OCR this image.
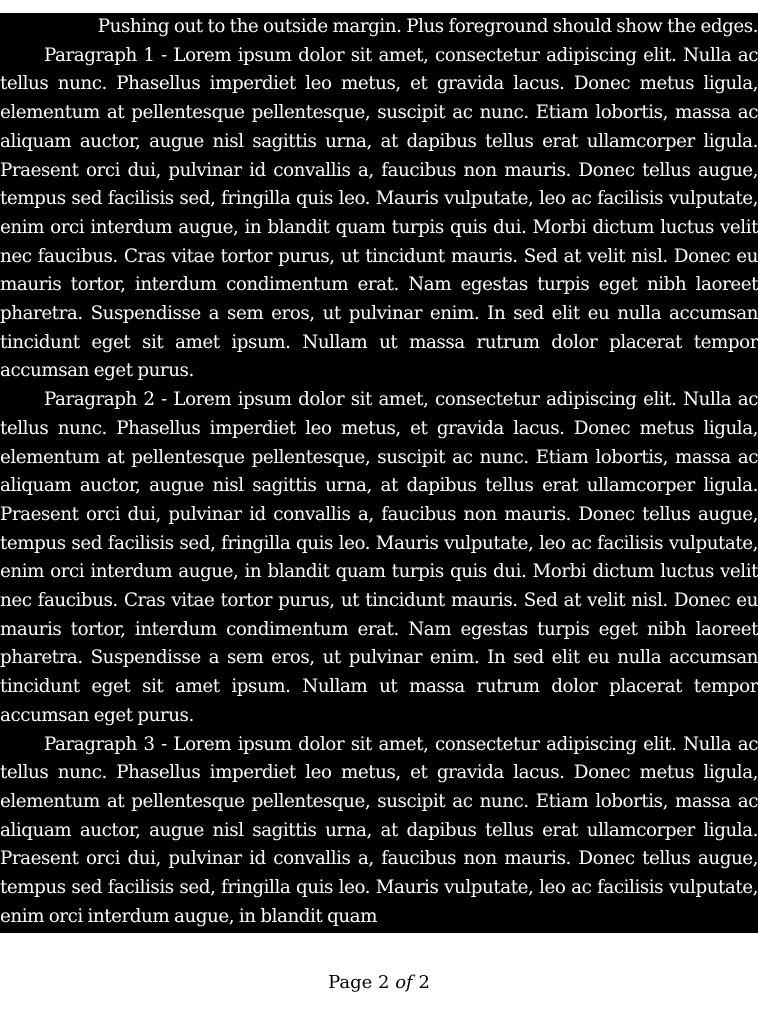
Pushing out to the outside margin. Plus foreground should show the edges.

Paragraph 1 - Lorem ipsum dolor sit amet, consectetur adipiscing elit. Nulla ac tellus nunc. Phasellus imperdiet leo metus, et gravida lacus. Donec metus ligula, elementum at pellentesque pellentesque, suscipit ac nunc. Etiam lobortis, massa ac aliquam auctor, augue nisl sagittis urna, at dapibus tellus erat ullamcorper ligula. Praesent orci dui, pulvinar id convallis a, faucibus non mauris. Donec tellus augue, tempus sed facilisis sed, fringilla quis leo. Mauris vulputate, leo ac facilisis vulputate, enim orci interdum augue, in blandit quam turpis quis dui. Morbi dictum luctus velit nec faucibus. Cras vitae tortor purus, ut tincidunt mauris. Sed at velit nisl. Donec eu mauris tortor, interdum condimentum erat. Nam egestas turpis eget nibh laoreet pharetra. Suspendisse a sem eros, ut pulvinar enim. In sed elit eu nulla accumsan tincidunt eget sit amet ipsum. Nullam ut massa rutrum dolor placerat tempor accumsan eget purus.

Paragraph 2 - Lorem ipsum dolor sit amet, consectetur adipiscing elit. Nulla ac tellus nunc. Phasellus imperdiet leo metus, et gravida lacus. Donec metus ligula, elementum at pellentesque pellentesque, suscipit ac nunc. Etiam lobortis, massa ac aliquam auctor, augue nisl sagittis urna, at dapibus tellus erat ullamcorper ligula. Praesent orci dui, pulvinar id convallis a, faucibus non mauris. Donec tellus augue, tempus sed facilisis sed, fringilla quis leo. Mauris vulputate, leo ac facilisis vulputate, enim orci interdum augue, in blandit quam turpis quis dui. Morbi dictum luctus velit nec faucibus. Cras vitae tortor purus, ut tincidunt mauris. Sed at velit nisl. Donec eu mauris tortor, interdum condimentum erat. Nam egestas turpis eget nibh laoreet pharetra. Suspendisse a sem eros, ut pulvinar enim. In sed elit eu nulla accumsan tincidunt eget sit amet ipsum. Nullam ut massa rutrum dolor placerat tempor accumsan eget purus.

Paragraph 3 - Lorem ipsum dolor sit amet, consectetur adipiscing elit. Nulla ac tellus nunc. Phasellus imperdiet leo metus, et gravida lacus. Donec metus ligula, elementum at pellentesque pellentesque, suscipit ac nunc. Etiam lobortis, massa ac aliquam auctor, augue nisl sagittis urna, at dapibus tellus erat ullamcorper ligula. Praesent orci dui, pulvinar id convallis a, faucibus non mauris. Donec tellus augue, tempus sed facilisis sed, fringilla quis leo. Mauris vulputate, leo ac facilisis vulputate, enim orci interdum augue, in blandit quam

Page 2 of 2
